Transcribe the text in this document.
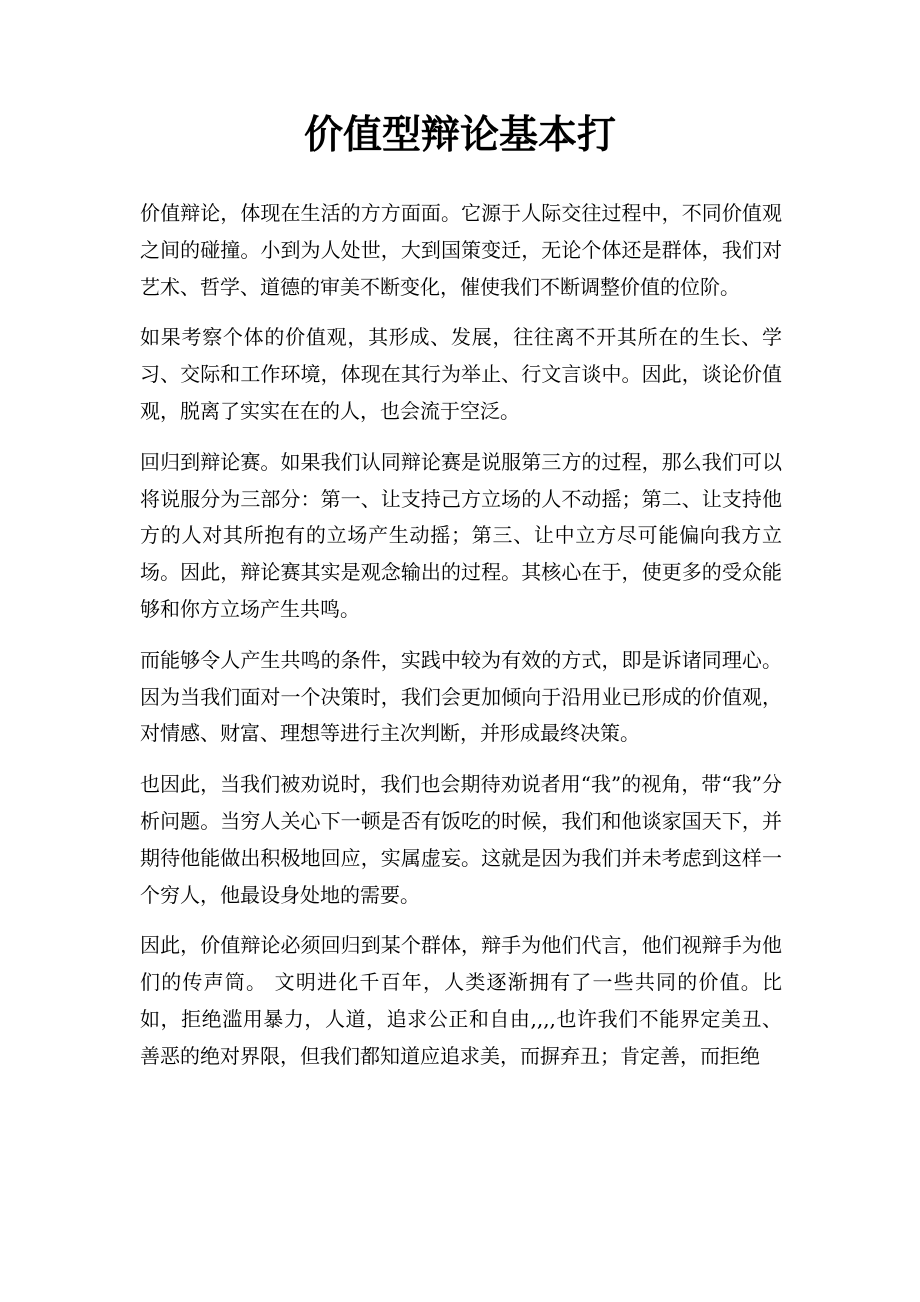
价值型辩论基本打

价值辩论，体现在生活的方方面面。它源于人际交往过程中，不同价值观之间的碰撞。小到为人处世，大到国策变迁，无论个体还是群体，我们对艺术、哲学、道德的审美不断变化，催使我们不断调整价值的位阶。

如果考察个体的价值观，其形成、发展，往往离不开其所在的生长、学习、交际和工作环境，体现在其行为举止、行文言谈中。因此，谈论价值观，脱离了实实在在的人，也会流于空泛。

回归到辩论赛。如果我们认同辩论赛是说服第三方的过程，那么我们可以将说服分为三部分：第一、让支持己方立场的人不动摇；第二、让支持他方的人对其所抱有的立场产生动摇；第三、让中立方尽可能偏向我方立场。因此，辩论赛其实是观念输出的过程。其核心在于，使更多的受众能够和你方立场产生共鸣。

而能够令人产生共鸣的条件，实践中较为有效的方式，即是诉诸同理心。因为当我们面对一个决策时，我们会更加倾向于沿用业已形成的价值观，对情感、财富、理想等进行主次判断，并形成最终决策。

也因此，当我们被劝说时，我们也会期待劝说者用“我”的视角，带“我”分析问题。当穷人关心下一顿是否有饭吃的时候，我们和他谈家国天下，并期待他能做出积极地回应，实属虚妄。这就是因为我们并未考虑到这样一个穷人，他最设身处地的需要。

因此，价值辩论必须回归到某个群体，辩手为他们代言，他们视辩手为他们的传声筒。 文明进化千百年，人类逐渐拥有了一些共同的价值。比如，拒绝滥用暴力，人道，追求公正和自由,,,,也许我们不能界定美丑、善恶的绝对界限，但我们都知道应追求美，而摒弃丑；肯定善，而拒绝
